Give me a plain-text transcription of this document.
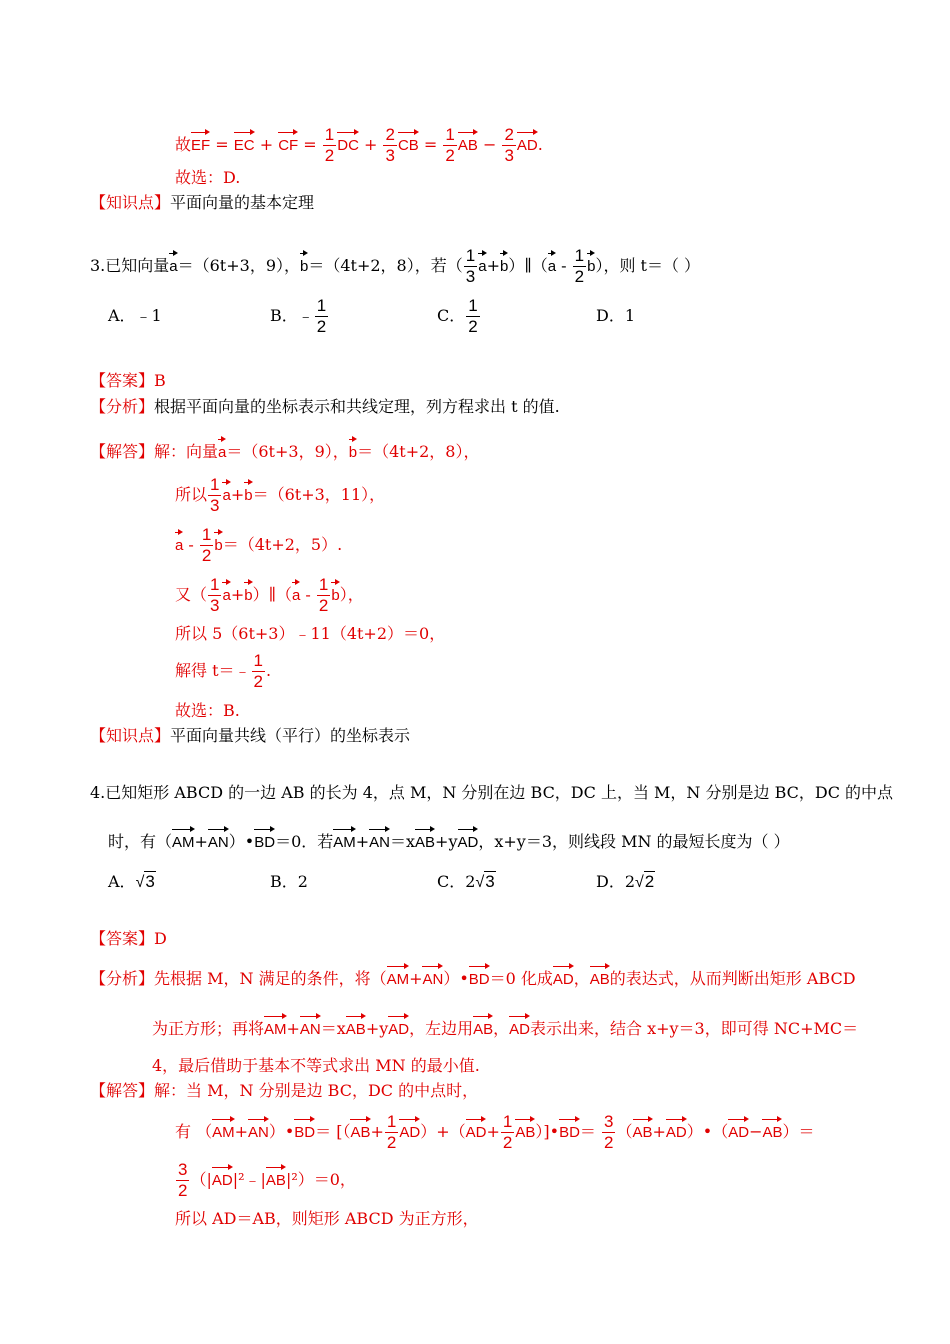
故EF = EC + CF = $\frac{1}{2}$ DC + $\frac{2}{3}$ CB = $\frac{1}{2}$ AB − $\frac{2}{3}$ AD.
故选：D.
【知识点】平面向量的基本定理
3.已知向量a＝（6t+3，9），b＝（4t+2，8），若（ $\frac{1}{3}$ a+b）∥（a - $\frac{1}{2} b$），则 t＝（ ）
A．﹣1	B．﹣ $\frac{1}{2}$	C． $\frac{1}{2}$	D．1
【答案】B
【分析】根据平面向量的坐标表示和共线定理，列方程求出 t 的值.
【解答】解：向量a＝（6t+3，9），b＝（4t+2，8），
所以 $\frac{1}{3} a+b=(6t+3$，11），
$a - \frac{1}{2} b=(4t+2$，5）.
又（ $\frac{1}{3}$ a+b）∥（a - $\frac{1}{2} b$），
所以 5（6t+3）﹣11（4t+2）＝0，
解得 t＝﹣ $\frac{1}{2}$ .
故选：B.
【知识点】平面向量共线（平行）的坐标表示
4.已知矩形 ABCD 的一边 AB 的长为 4，点 M，N 分别在边 BC，DC 上，当 M，N 分别是边 BC，DC 的中点
时，有（AM+AN）•BD＝0．若AM+AN＝xAB+yAD，x+y＝3，则线段 MN 的最短长度为（ ）
A．√3	B．2	C．2√3	D．2√2
【答案】D
【分析】先根据 M，N 满足的条件，将（AM+AN）•BD＝0 化成AD，AB的表达式，从而判断出矩形 ABCD
为正方形；再将AM+AN＝xAB+yAD，左边用AB，AD表示出来，结合 x+y＝3，即可得 NC+MC＝
4，最后借助于基本不等式求出 MN 的最小值.
【解答】解：当 M，N 分别是边 BC，DC 的中点时，
有 （AM+AN）•BD＝ [$(AB+ \frac{1}{2} AD)+(AD+ \frac{1}{2}$ AB）]•BD＝ $\frac{3}{2}$ （AB+AD）•（AD−AB）＝
$\frac{3}{2}$ （|AD|²﹣|AB|²）＝0，
所以 AD＝AB，则矩形 ABCD 为正方形，
